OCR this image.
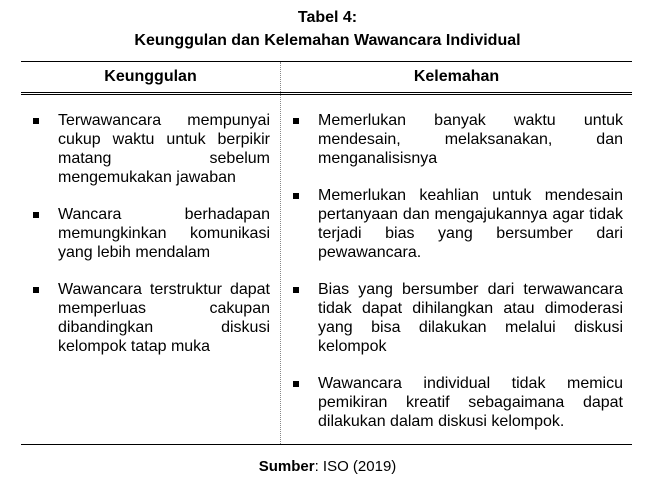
Tabel 4:
Keunggulan dan Kelemahan Wawancara Individual
Keunggulan	Kelemahan
Terwawancara mempunyai cukup waktu untuk berpikir matang sebelum mengemukakan jawaban
Wancara berhadapan memungkinkan komunikasi yang lebih mendalam
Wawancara terstruktur dapat memperluas cakupan dibandingkan diskusi kelompok tatap muka
Memerlukan banyak waktu untuk mendesain, melaksanakan, dan menganalisisnya
Memerlukan keahlian untuk mendesain pertanyaan dan mengajukannya agar tidak terjadi bias yang bersumber dari pewawancara.
Bias yang bersumber dari terwawancara tidak dapat dihilangkan atau dimoderasi yang bisa dilakukan melalui diskusi kelompok
Wawancara individual tidak memicu pemikiran kreatif sebagaimana dapat dilakukan dalam diskusi kelompok.
Sumber: ISO (2019)
